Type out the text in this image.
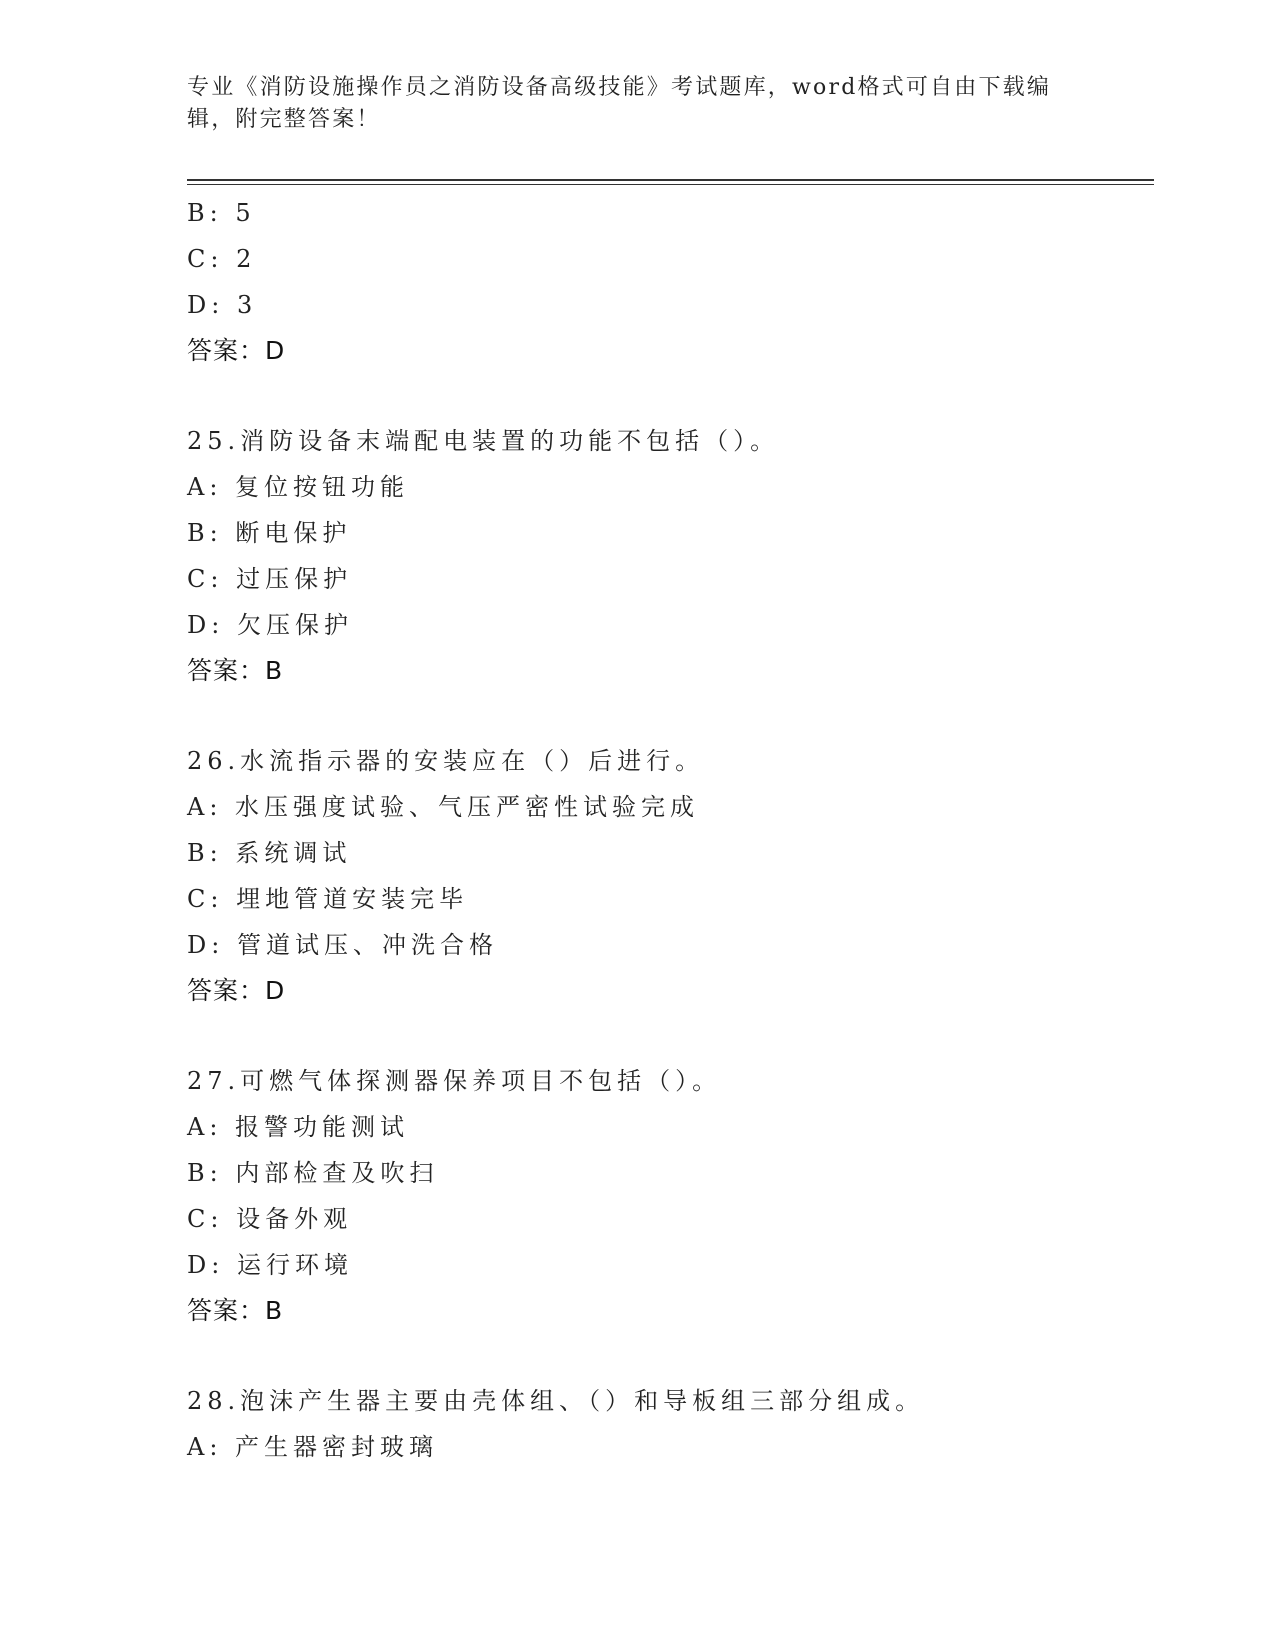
专业《消防设施操作员之消防设备高级技能》考试题库，word格式可自由下载编
辑，附完整答案！
B: 5
C: 2
D: 3
答案：D
25.消防设备末端配电装置的功能不包括（）。
A: 复位按钮功能
B: 断电保护
C: 过压保护
D: 欠压保护
答案：B
26.水流指示器的安装应在（）后进行。
A: 水压强度试验、气压严密性试验完成
B: 系统调试
C: 埋地管道安装完毕
D: 管道试压、冲洗合格
答案：D
27.可燃气体探测器保养项目不包括（）。
A: 报警功能测试
B: 内部检查及吹扫
C: 设备外观
D: 运行环境
答案：B
28.泡沫产生器主要由壳体组、（）和导板组三部分组成。
A: 产生器密封玻璃
